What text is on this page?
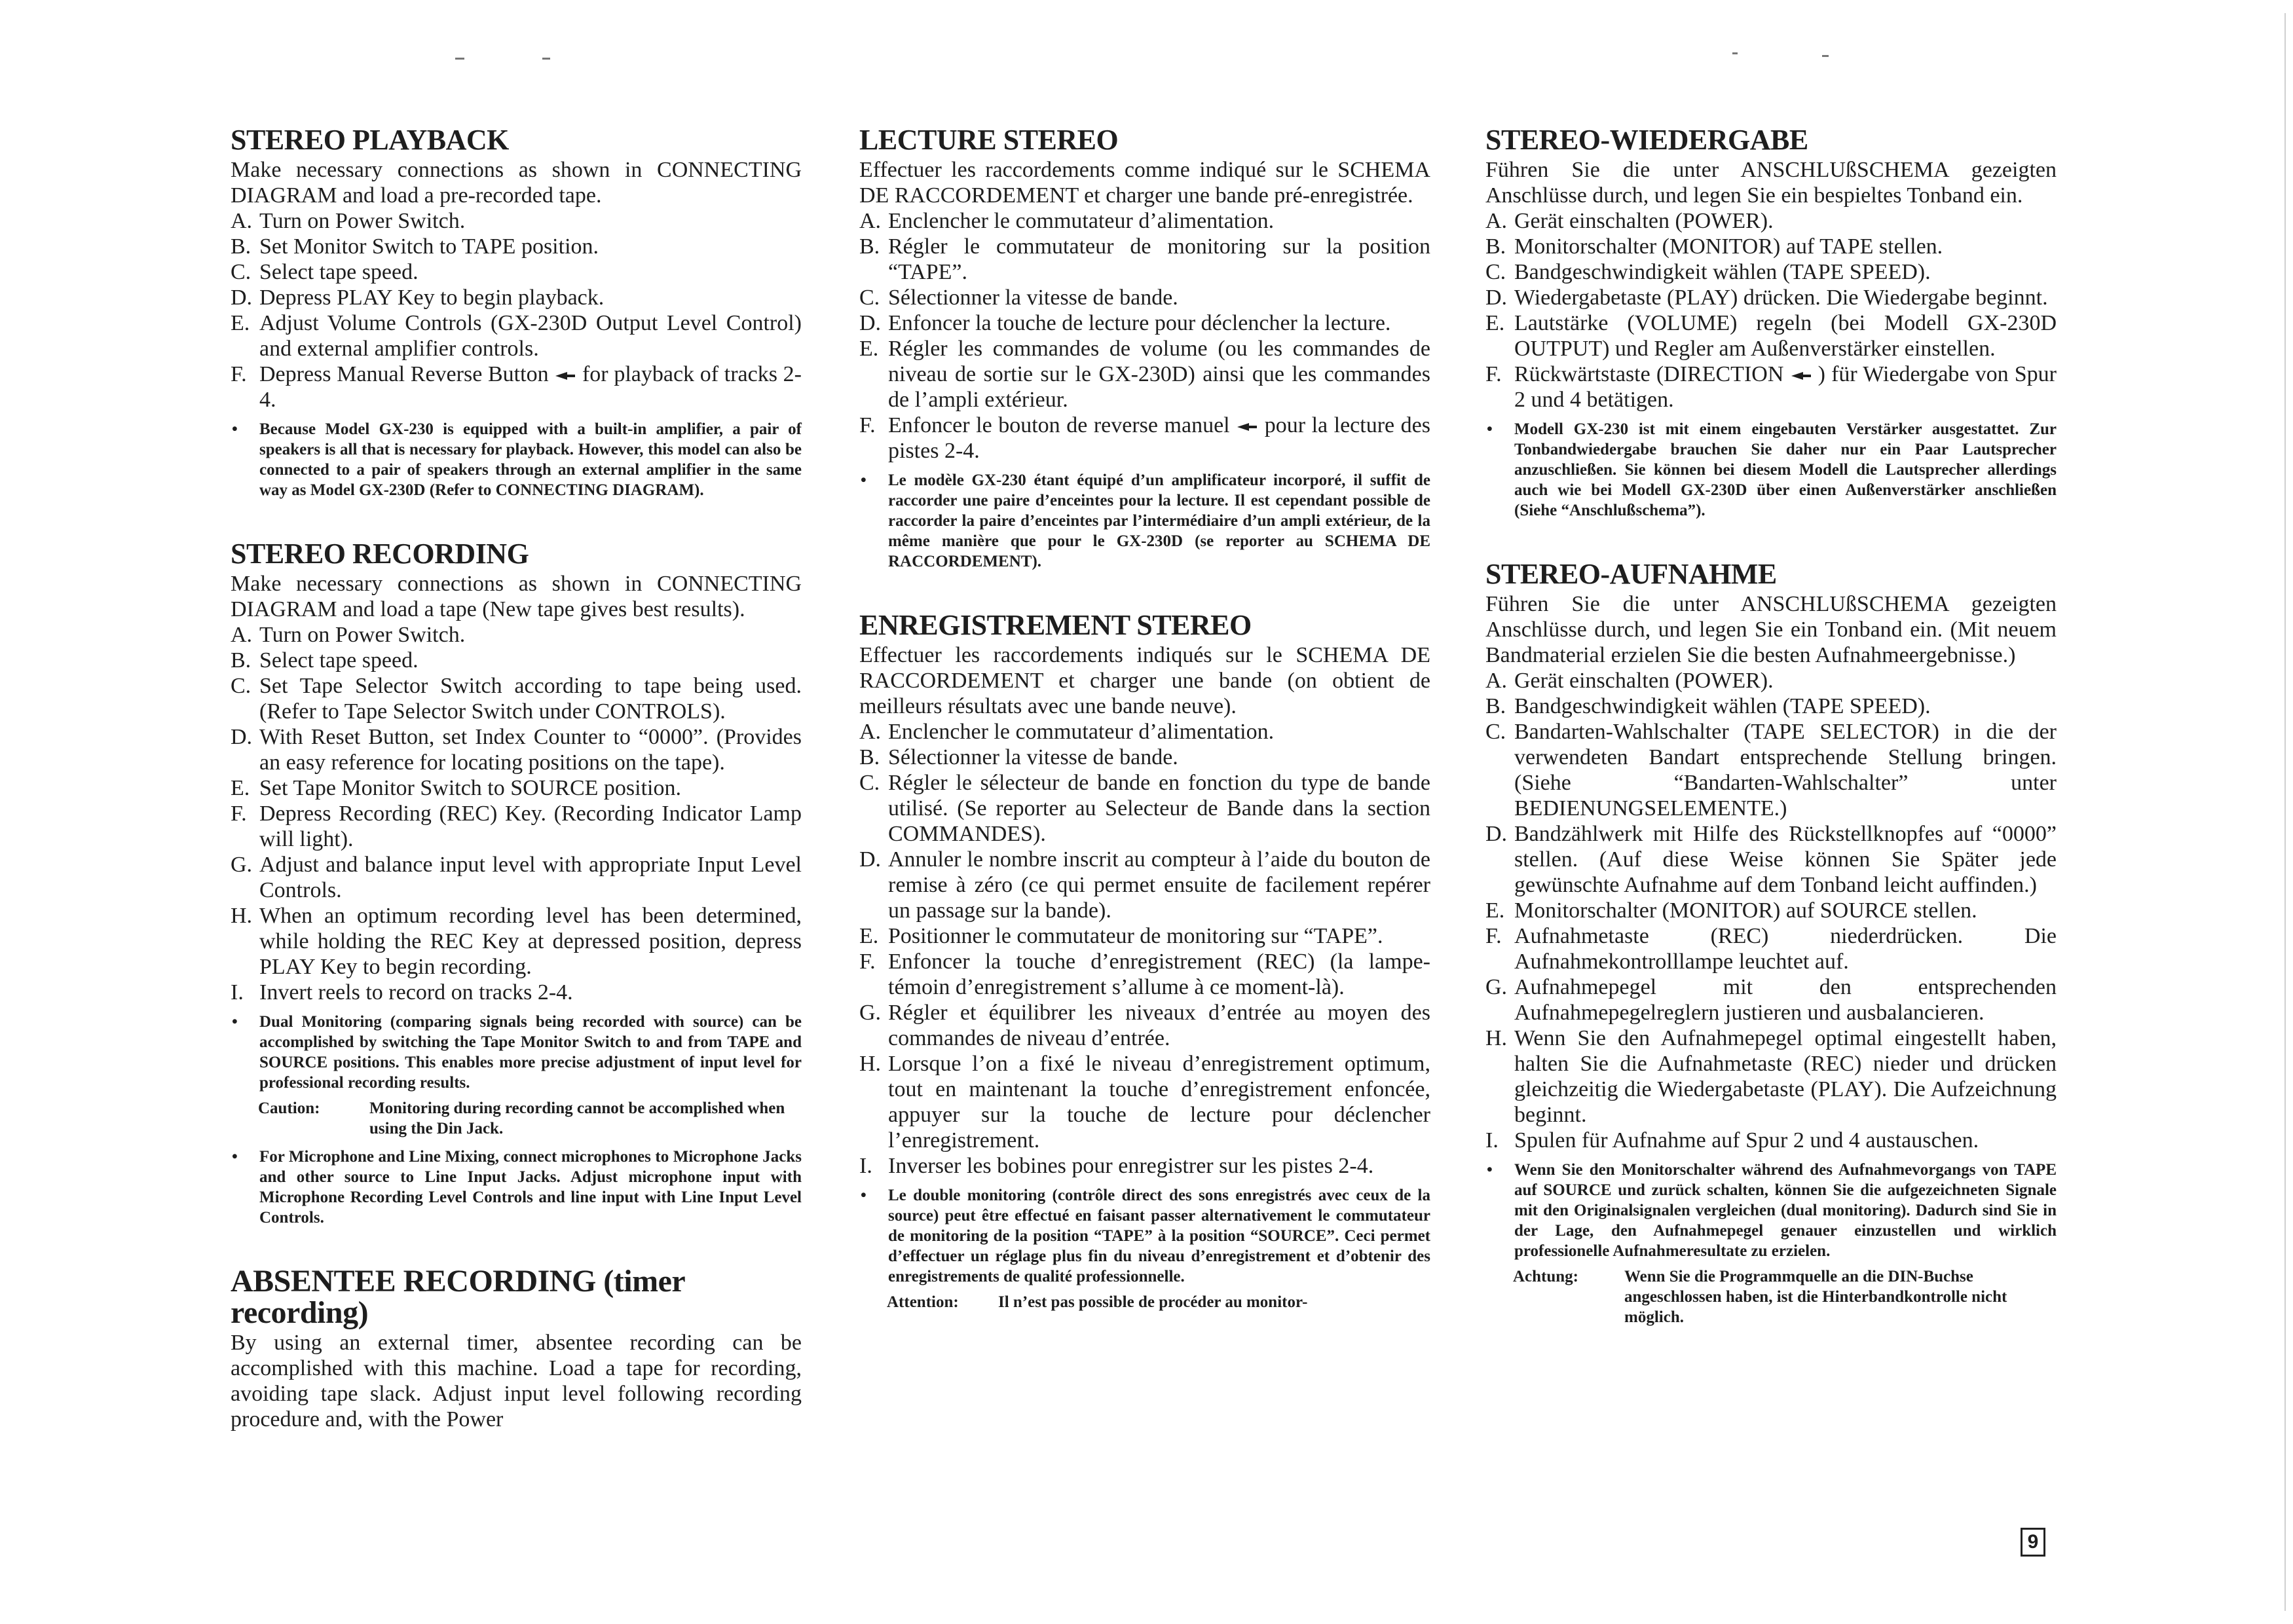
STEREO PLAYBACK

Make necessary connections as shown in CONNECTING DIAGRAM and load a pre-recorded tape.

A. Turn on Power Switch.
B. Set Monitor Switch to TAPE position.
C. Select tape speed.
D. Depress PLAY Key to begin playback.
E. Adjust Volume Controls (GX-230D Output Level Control) and external amplifier controls.
F. Depress Manual Reverse Button for playback of tracks 2-4.
•	Because Model GX-230 is equipped with a built-in amplifier, a pair of speakers is all that is necessary for playback. However, this model can also be connected to a pair of speakers through an external amplifier in the same way as Model GX-230D (Refer to CONNECTING DIAGRAM).
STEREO RECORDING

Make necessary connections as shown in CONNECTING DIAGRAM and load a tape (New tape gives best results).

A. Turn on Power Switch.
B. Select tape speed.
C. Set Tape Selector Switch according to tape being used. (Refer to Tape Selector Switch under CONTROLS).
D. With Reset Button, set Index Counter to “0000”. (Provides an easy reference for locating positions on the tape).
E. Set Tape Monitor Switch to SOURCE position.
F. Depress Recording (REC) Key. (Recording Indicator Lamp will light).
G. Adjust and balance input level with appropriate Input Level Controls.
H. When an optimum recording level has been determined, while holding the REC Key at depressed position, depress PLAY Key to begin recording.
I. Invert reels to record on tracks 2-4.
•	Dual Monitoring (comparing signals being recorded with source) can be accomplished by switching the Tape Monitor Switch to and from TAPE and SOURCE positions. This enables more precise adjustment of input level for professional recording results.
Caution:	Monitoring during recording cannot be accomplished when using the Din Jack.
•	For Microphone and Line Mixing, connect microphones to Microphone Jacks and other source to Line Input Jacks. Adjust microphone input with Microphone Recording Level Controls and line input with Line Input Level Controls.
ABSENTEE RECORDING (timer recording)

By using an external timer, absentee recording can be accomplished with this machine. Load a tape for recording, avoiding tape slack. Adjust input level following recording procedure and, with the Power

LECTURE STEREO

Effectuer les raccordements comme indiqué sur le SCHEMA DE RACCORDEMENT et charger une bande pré-enregistrée.

A. Enclencher le commutateur d’alimentation.
B. Régler le commutateur de monitoring sur la position “TAPE”.
C. Sélectionner la vitesse de bande.
D. Enfoncer la touche de lecture pour déclencher la lecture.
E. Régler les commandes de volume (ou les commandes de niveau de sortie sur le GX-230D) ainsi que les commandes de l’ampli extérieur.
F. Enfoncer le bouton de reverse manuel pour la lecture des pistes 2-4.
•	Le modèle GX-230 étant équipé d’un amplificateur incorporé, il suffit de raccorder une paire d’enceintes pour la lecture. Il est cependant possible de raccorder la paire d’enceintes par l’intermédiaire d’un ampli extérieur, de la même manière que pour le GX-230D (se reporter au SCHEMA DE RACCORDEMENT).
ENREGISTREMENT STEREO

Effectuer les raccordements indiqués sur le SCHEMA DE RACCORDEMENT et charger une bande (on obtient de meilleurs résultats avec une bande neuve).

A. Enclencher le commutateur d’alimentation.
B. Sélectionner la vitesse de bande.
C. Régler le sélecteur de bande en fonction du type de bande utilisé. (Se reporter au Selecteur de Bande dans la section COMMANDES).
D. Annuler le nombre inscrit au compteur à l’aide du bouton de remise à zéro (ce qui permet ensuite de facilement repérer un passage sur la bande).
E. Positionner le commutateur de monitoring sur “TAPE”.
F. Enfoncer la touche d’enregistrement (REC) (la lampe-témoin d’enregistrement s’allume à ce moment-là).
G. Régler et équilibrer les niveaux d’entrée au moyen des commandes de niveau d’entrée.
H. Lorsque l’on a fixé le niveau d’enregistrement optimum, tout en maintenant la touche d’enregistrement enfoncée, appuyer sur la touche de lecture pour déclencher l’enregistrement.
I. Inverser les bobines pour enregistrer sur les pistes 2-4.
•	Le double monitoring (contrôle direct des sons enregistrés avec ceux de la source) peut être effectué en faisant passer alternativement le commutateur de monitoring de la position “TAPE” à la position “SOURCE”. Ceci permet d’effectuer un réglage plus fin du niveau d’enregistrement et d’obtenir des enregistrements de qualité professionnelle.
Attention:	Il n’est pas possible de procéder au monitor-
STEREO-WIEDERGABE

Führen Sie die unter ANSCHLUßSCHEMA gezeigten Anschlüsse durch, und legen Sie ein bespieltes Tonband ein.

A. Gerät einschalten (POWER).
B. Monitorschalter (MONITOR) auf TAPE stellen.
C. Bandgeschwindigkeit wählen (TAPE SPEED).
D. Wiedergabetaste (PLAY) drücken. Die Wiedergabe beginnt.
E. Lautstärke (VOLUME) regeln (bei Modell GX-230D OUTPUT) und Regler am Außenverstärker einstellen.
F. Rückwärtstaste (DIRECTION ) für Wiedergabe von Spur 2 und 4 betätigen.
•	Modell GX-230 ist mit einem eingebauten Verstärker ausgestattet. Zur Tonbandwiedergabe brauchen Sie daher nur ein Paar Lautsprecher anzuschließen. Sie können bei diesem Modell die Lautsprecher allerdings auch wie bei Modell GX-230D über einen Außenverstärker anschließen (Siehe “Anschlußschema”).
STEREO-AUFNAHME

Führen Sie die unter ANSCHLUßSCHEMA gezeigten Anschlüsse durch, und legen Sie ein Tonband ein. (Mit neuem Bandmaterial erzielen Sie die besten Aufnahmeergebnisse.)

A. Gerät einschalten (POWER).
B. Bandgeschwindigkeit wählen (TAPE SPEED).
C. Bandarten-Wahlschalter (TAPE SELECTOR) in die der verwendeten Bandart entsprechende Stellung bringen. (Siehe “Bandarten-Wahlschalter” unter BEDIENUNGSELEMENTE.)
D. Bandzählwerk mit Hilfe des Rückstellknopfes auf “0000” stellen. (Auf diese Weise können Sie Später jede gewünschte Aufnahme auf dem Tonband leicht auffinden.)
E. Monitorschalter (MONITOR) auf SOURCE stellen.
F. Aufnahmetaste (REC) niederdrücken. Die Aufnahmekontrolllampe leuchtet auf.
G. Aufnahmepegel mit den entsprechenden Aufnahmepegelreglern justieren und ausbalancieren.
H. Wenn Sie den Aufnahmepegel optimal eingestellt haben, halten Sie die Aufnahmetaste (REC) nieder und drücken gleichzeitig die Wiedergabetaste (PLAY). Die Aufzeichnung beginnt.
I. Spulen für Aufnahme auf Spur 2 und 4 austauschen.
•	Wenn Sie den Monitorschalter während des Aufnahmevorgangs von TAPE auf SOURCE und zurück schalten, können Sie die aufgezeichneten Signale mit den Originalsignalen vergleichen (dual monitoring). Dadurch sind Sie in der Lage, den Aufnahmepegel genauer einzustellen und wirklich professionelle Aufnahmeresultate zu erzielen.
Achtung:	Wenn Sie die Programmquelle an die DIN-Buchse angeschlossen haben, ist die Hinterbandkontrolle nicht möglich.
9
